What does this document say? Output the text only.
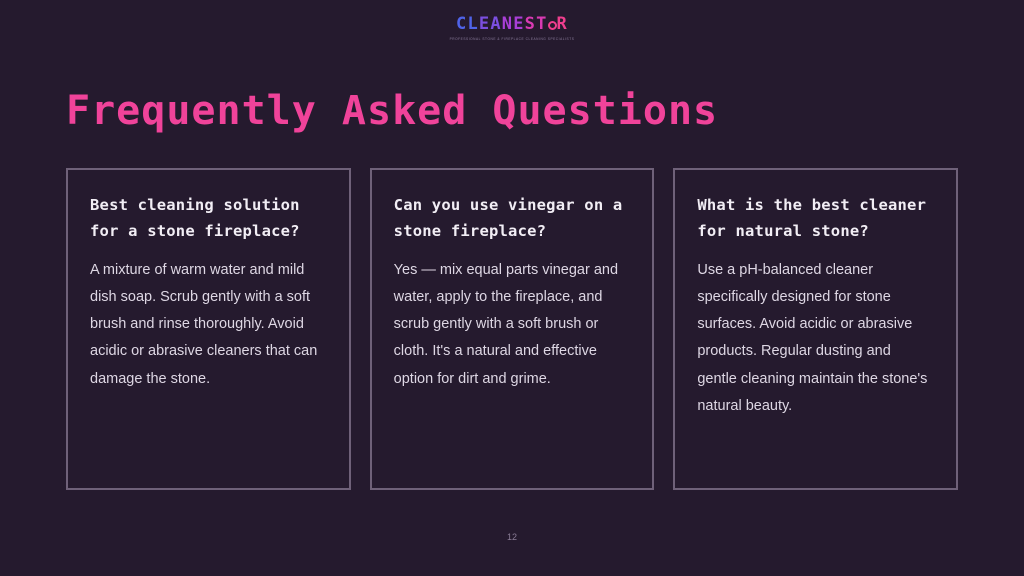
CLEANEST R
PROFESSIONAL STONE & FIREPLACE CLEANING SPECIALISTS
Frequently Asked Questions
Best cleaning solution for a stone fireplace?
A mixture of warm water and mild dish soap. Scrub gently with a soft brush and rinse thoroughly. Avoid acidic or abrasive cleaners that can damage the stone.
Can you use vinegar on a stone fireplace?
Yes — mix equal parts vinegar and water, apply to the fireplace, and scrub gently with a soft brush or cloth. It's a natural and effective option for dirt and grime.
What is the best cleaner for natural stone?
Use a pH-balanced cleaner specifically designed for stone surfaces. Avoid acidic or abrasive products. Regular dusting and gentle cleaning maintain the stone's natural beauty.
12
